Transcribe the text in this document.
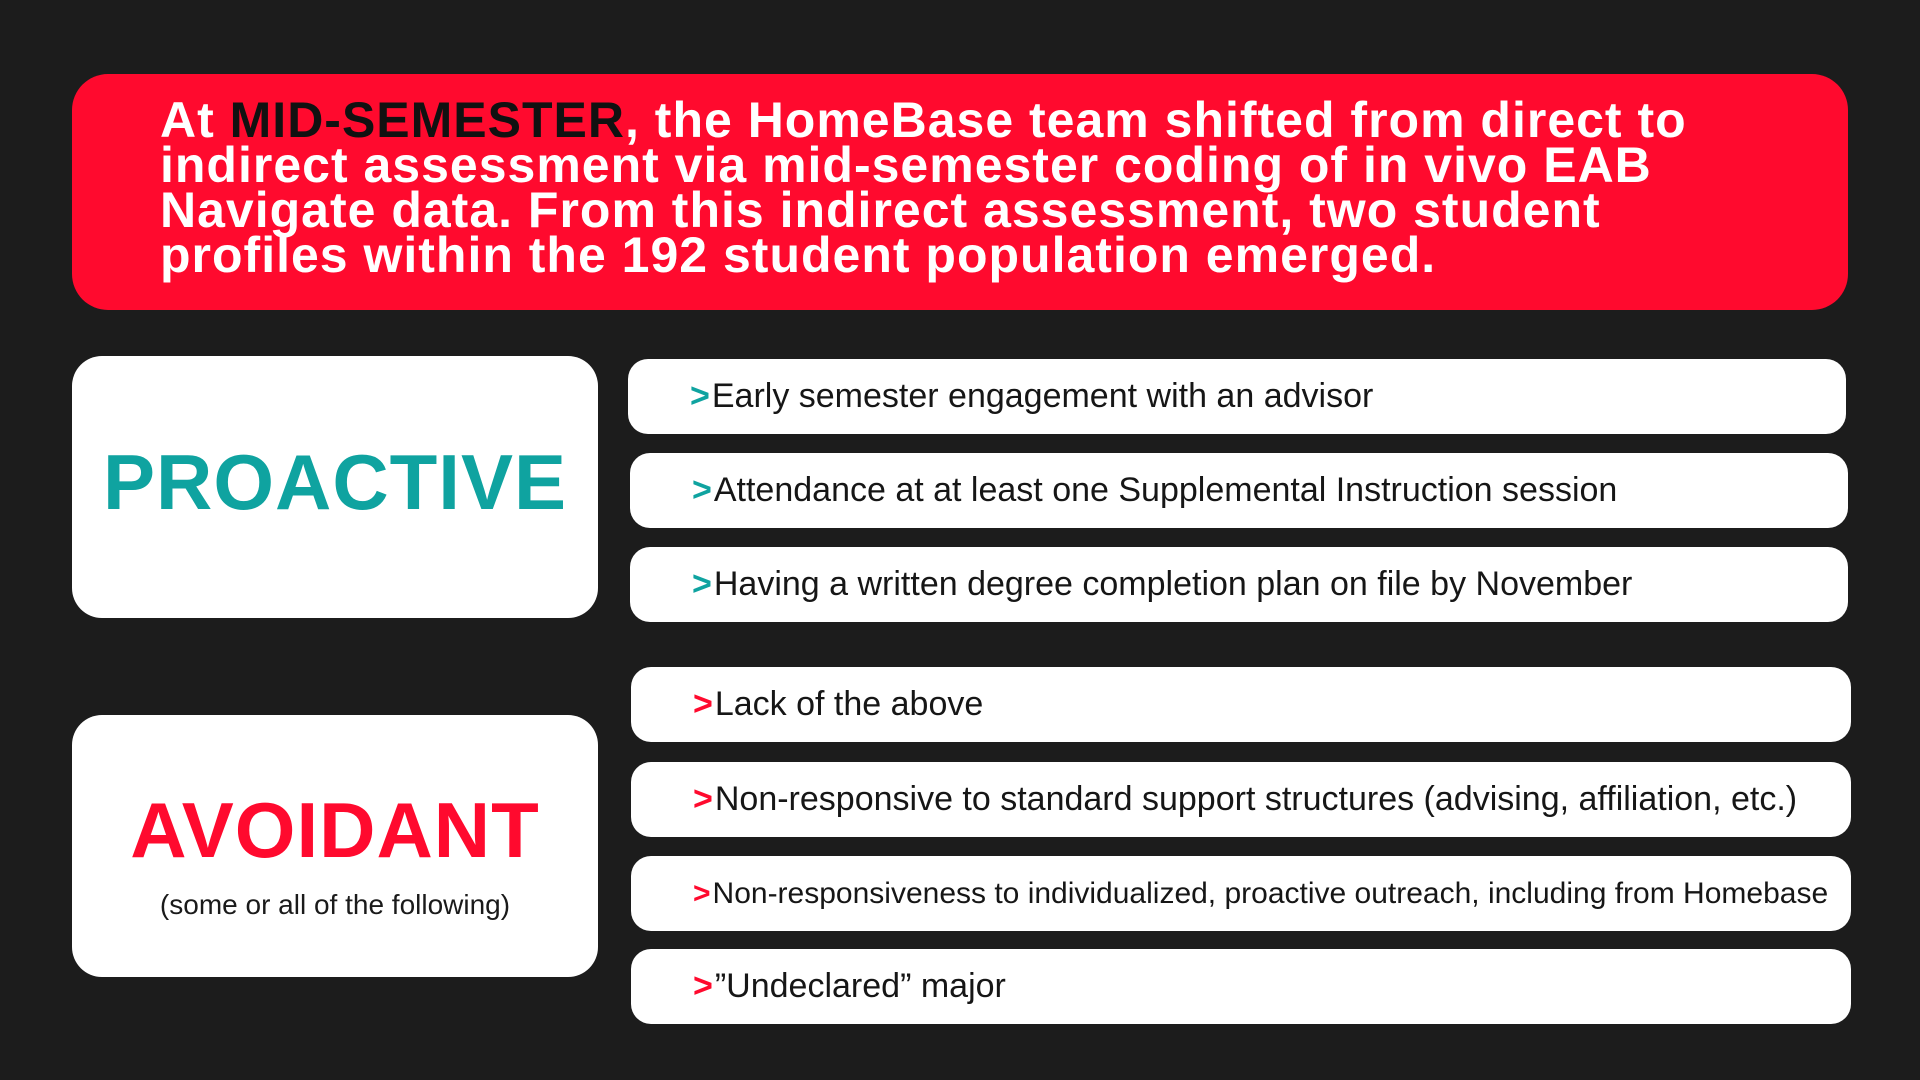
At MID-SEMESTER, the HomeBase team shifted from direct to indirect assessment via mid-semester coding of in vivo EAB Navigate data. From this indirect assessment, two student profiles within the 192 student population emerged.
PROACTIVE
AVOIDANT
(some or all of the following)
> Early semester engagement with an advisor
> Attendance at at least one Supplemental Instruction session
> Having a written degree completion plan on file by November
> Lack of the above
> Non-responsive to standard support structures (advising, affiliation, etc.)
> Non-responsiveness to individualized, proactive outreach, including from Homebase
> ”Undeclared” major
